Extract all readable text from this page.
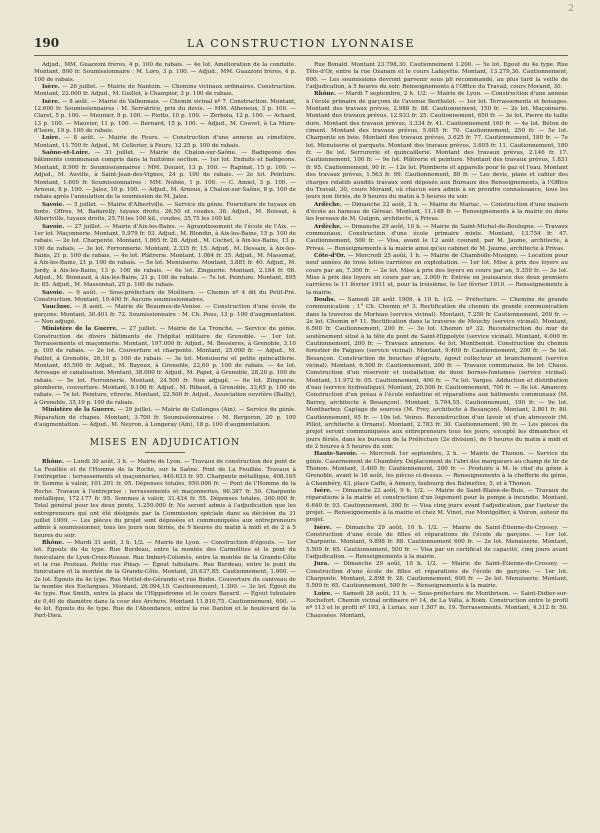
190	LA CONSTRUCTION LYONNAISE
2

Adjud., MM. Guazzoni frères, 4 p. 100 de rabais. — 4e lot. Amélioration de la conduite. Montant, 800 fr. Soumissionnaire : M. Loro, 3 p. 100. — Adjud., MM. Guazzoni frères, 4 p. 100 de rabais.

Isère. — 26 juillet. — Mairie de Nantoin. — Chemins vicinaux ordinaires. Construction. Montant, 22.000 fr. Adjud., M. Guillot, à Champier, 3 p. 100 de rabais.

Isère. — 8 août. — Mairie de Valbonnais. — Chemin vicinal nº 7. Construction. Montant, 12.600 fr. Soumissionnaires : M. Serratrice, prix du devis. — MM. Athenoux, 3 p. 100. — Claret, 5 p. 100. — Meunier, 8 p. 100. — Piotto, 10 p. 100. — Zerbola, 12 p. 100. — Achard, 13 p. 100. — Mauvier, 11 p. 100. — Bernard, 15 p. 100. — Adjud., M. Couvet, à La Mure-d'Isère, 19 p. 100 de rabais.

Loire. — 8 août. — Mairie de Feurs. — Construction d'une annexe au cimetière. Montant, 11.700 fr. Adjud., M. Cellerier, à Feurs, 12.25 p. 100 de rabais.

Saône-et-Loire. — 31 juillet. — Mairie de Chalon-sur-Saône. — Badigeone des bâtiments communaux compris dans la huitième section. — 1er lot. Enduits et badigeons. Montant, 8.900 fr. Soumissionnaires : MM. Douzet, 13 p. 100. — Rapinat, 15 p. 100. — Adjud., M. Auville, à Saint-Jean-des-Vignes, 24 p. 100 de rabais. — 2e lot. Peinture. Montant, 1.600 fr. Soumissionnaires : MM. Nobée, 1 p. 100. — C. Amiet, 3 p. 100. — Arnoux, 8 p. 100. — Jaloz, 10 p. 100. — Adjud., M. Arnoux, à Chalon-sur-Saône, 8 p. 100 de rabais après l'annulation de la soumission de M. Jaloz.

Savoie. — 5 juillet. — Mairie d'Albertville. — Service du génie. Fourniture de tuyaux en fonte. Offres, M. Badarelly, tuyaux droits, 26,50 et coudes, 36. Adjud., M. Boissat, à Albertville, tuyaux droits, 25,70 les 100 kil., coudes, 35,75 les 100 kil.

Savoie. — 27 juillet. — Mairie d'Aix-les-Bains. — Agrandissement de l'école de l'Aix. — 1er lot. Maçonnerie. Montant, 5.979 fr. 03. Adjud., M. Blondin, à Aix-les-Bains, 15 p. 100 de rabais. — 2e lot. Charpente. Montant, 1.865 fr. 28. Adjud., M. Cochet, à Aix-les-Bains, 13 p. 100 de rabais. — 3e lot. Ferronnerie. Montant, 2.335 fr. 15. Adjud., M. Dessaix, à Aix-les-Bains, 21 p. 100 de rabais. — 4e lot. Plâtrerie. Montant, 1.084 fr. 35. Adjud., M. Massonat, à Aix-les-Bains, 21 p. 100 de rabais. — 5e lot. Menuiserie. Montant, 3.881 fr. 40. Adjud., M. Jordy, à Aix-les-Bains, 13 p. 100 de rabais. — 6e lot. Zinguerie. Montant, 2.184 fr. 08. Adjud., M. Bonnaud, à Aix-les-Bains, 21 p. 100 de rabais. — 7e lot. Peinture. Montant, 895 fr. 85. Adjud., M. Massonnat, 25 p. 100 de rabais.

Savoie. — 9 août. — Sous-préfecture de Moûtiers. — Chemin nº 4 dit du Petit-Pré. Construction. Montant, 19.400 fr. Aucuns soumissionnaires.

Vaucluse. — 8 août. — Mairie de Beaumes-de-Venise. — Construction d'une école de garçons. Montant, 30.401 fr. 72. Soumissionnaire : M. Ch. Pous, 13 p. 100 d'augmentation. — Non adjugé.

Ministère de la Guerre. — 27 juillet. — Mairie de La Tronche. — Service du génie. Construction de divers bâtiments de l'hôpital militaire de Grenoble. — 1er lot. Terrassements et maçonnerie. Montant, 197.000 fr. Adjud., M. Bessieres, à Grenoble, 3,10 p. 100 de rabais. — 2e lot. Couverture et charpente. Montant, 25.000 fr. — Adjud., M. Paillet, à Grenoble, 26,10 p. 100 de rabais. — 3e lot. Menuiserie et petite quincaillerie. Montant, 45.500 fr. Adjud., M. Bayoux, à Grenoble, 22,60 p. 100 de rabais. — 4e lot. Arrosage et canalisation. Montant, 38.000 fr. Adjud., M. Papet, à Grenoble, 28,20 p. 100 de rabais. — 5e lot. Ferronnerie. Montant, 24.500 fr. Non adjugé. — 6e lot. Zinguerie, plomberie, couverture. Montant, 9.100 fr. Adjud., M. Ribaud, à Grenoble, 33,65 p. 100 de rabais. — 7e lot. Peinture, vitrerie. Montant, 22.500 fr. Adjud., Association ouvrière (Bailly), à Grenoble, 35,10 p. 100 de rabais.

Ministère de la Guerre. — 29 juillet. — Mairie de Collonges (Ain). — Service du génie. Réparation de chapes. Montant, 3.700 fr. Soumissionnaires : M. Bergeron, 20 p. 100 d'augmentation. — Adjud., M. Neyron, à Longeray (Ain), 18 p. 100 d'augmentation.

MISES EN ADJUDICATION

Rhône. — Lundi 30 août, 3 h. — Mairie de Lyon. — Travaux de construction des pont de La Feuillée et de l'Homme de la Roche, sur la Saône. Pont de La Feuillée. Travaux à l'entreprise : terrassements et maçonneries, 440.633 fr. 95. Charpente métallique, 408.165 fr. Somme à valoir, 101.201 fr. 05. Dépenses totales, 950.000 fr. — Pont de l'Homme de la Roche. Travaux à l'entreprise : terrassements et maçonneries, 96.387 fr. 50. Charpente métallique, 172.177 fr. 95. Sommes à valoir, 31.434 fr. 55. Dépenses totales, 300.000 fr. Total général pour les deux ponts, 1.250.000 fr. Ne seront admis à l'adjudication que les entrepreneurs qui ont été désignés par la Commission spéciale dans sa décision du 31 juillet 1909. — Les pièces du projet sont déposées et communiquées aux entrepreneurs admis à soumissionner, tous les jours non fériés, de 9 heures du matin à midi et de 2 à 5 heures du soir.

Rhône. — Mardi 31 août, 3 h. 1/2. — Mairie de Lyon. — Construction d'égouts. — 1er lot. Égouts du 4e type. Rue Burdeau, entre la montée des Carmélites et le pont du funiculaire de Lyon-Croix-Rousse. Rue Imbert-Colomès, entre la montée de la Grande-Côte et la rue Pouteau. Petite rue Pinay. — Égout tubulaire. Rue Burdeau, entre le pont du funiculaire et la montée de la Grande-Côte. Montant, 20.637,85. Cautionnement, 1.000. — 2e lot. Égouts du 4e type. Rue Mottet-de-Gérando et rue Bodin. Couverture du caniveau de la montée des Esclargues. Montant, 26.094,10. Cautionnement, 1.300. — 3e lot. Égout du 4e type. Rue Smith, entre la place de l'Hippodrome et le cours Bayard. — Égout tubulaire de 0,40 de diamètre dans la cour des Archers. Montant 11.810,75. Cautionnement, 600. — 4e lot. Égouts du 4e type. Rue de l'Abondance, entre la rue Danton et le boulevard de la Part-Dieu.

Rue Bonald. Montant 23.798,30. Cautionnement 1.200. — 5e lot. Égout du 4e type. Rue Tête-d'Or, entre la rue Ozanam et le cours Lafayette. Montant, 13.279,30. Cautionnement, 600. — Les soumissions devront parvenir sous pli recommandé, au plus tard la veille de l'adjudication, à 5 heures du soir. Renseignements à l'Office du Travail, cours Morand, 30.

Rhône. — Mardi 7 septembre, 2 h. 1/2. — Mairie de Lyon. — Construction d'une annexe à l'école primaire de garçons de l'avenue Berthelot. — 1er lot. Terrassements et boisages. Montant des travaux prévus, 2.988 fr. 88. Cautionnement, 150 fr. — 2e lot. Maçonnerie. Montant des travaux prévus, 12.933 fr. 25. Cautionnement, 650 fr. — 3e lot. Pierre de taille dure. Montant des travaux prévus, 3.334 fr. 41. Cautionnement 160 fr. — 4e lot. Béton de ciment. Montant des travaux prévus, 5.005 fr. 70. Cautionnement, 250 fr. — 5e lot. Charpente en bois. Montant des travaux prévus, 3.625 fr. 77. Cautionnement, 180 fr. — 7e lot. Menuiserie et parquets. Montant des travaux prévus, 3.605 fr. 11. Cautionnement, 180 fr. — 8e lot. Serrurerie et quincaillerie. Montant des travaux prévus, 2.146 fr. 17. Cautionnement, 100 fr. — 9e lot. Plâtrerie et peinture. Montant des travaux prévus, 1.831 fr. 95. Cautionnement, 90 fr. — 12e lot. Plomberie et appareils pour le gaz et l'eau. Montant des travaux prévus, 1.563 fr. 09. Cautionnement, 80 fr. — Les devis, plans et cahier des charges relatifs auxdits travaux sont déposés aux Bureaux des Renseignements, à l'Office du Travail, 30, cours Morand, où chacun sera admis à en prendre connaissance, tous les jours non fériés, de 9 heures du matin à 5 heures du soir.

Ardèche. — Dimanche 22 août, 2 h. — Mairie de Mariac. — Construction d'une maison d'école au hameau de Géreac. Montant, 11.148 fr. — Renseignements à la mairie ou dans les bureaux de M. Guigon, architecte, à Privas.

Ardèche. — Dimanche 29 août, 10 h. — Mairie de Saint-Michel-de-Boulogne. — Travaux communaux. Construction d'une école primaire mixte. Montant, 13.754 fr. 47. Cautionnement, 500 fr. — Visa, avant le 12 août courant, par M. Jaume, architecte, à Privas. — Renseignements à la mairie ainsi qu'au cabinet de M. Jaume, architecte à Privas.

Côte-d'Or. — Mercredi 25 août, 1 h. — Mairie de Chambolle-Musigny. — Location pour neuf années de trois loties carrières en exploitation. — 1er lot. Mise à prix des loyers au cours par an, 7.300 fr. — 2e lot. Mise à prix des loyers en cours par an, 5.350 fr. — 3e lot. Mise à prix des loyers en cours par an, 3.000 fr. Entrée en jouissance des deux premiers carrières le 11 février 1911 et, pour la troisième, le 1er février 1910. — Renseignements à la mairie.

Doubs. — Samedi 28 août 1909, à 10 h. 1/2. — Préfecture. — Chemins de grande communication : 1° Ch. Chemin nº 3. Rectification du chemin de grande communication dans la traverse de Morteau (service vicinal). Montant, 7.250 fr. Cautionnement, 200 fr. — 2e lot. Chemin nº 11. Rectification dans la traverse de Mouchy (service vicinal). Montant, 6.500 fr. Cautionnement, 200 fr. — 3e lot. Chemin nº 32. Reconstruction du mur de soutènement situé à la tête du pont de Saint-Hippolyte (service vicinal). Montant, 4.000 fr. Cautionnement, 200 fr. — Travaux annexes. 4e lot. Montbenoit. Construction du chemin forestier de Falgues (service vicinal). Montant, 9.400 fr. Cautionnement, 200 fr. — 5e lot. Besançon. Construction de bouches d'égouts, égout collecteur et branchement (service vicinal). Montant, 6.500 fr. Cautionnement, 200 fr. — Travaux communaux. 6e lot. Chaux. Construction d'un réservoir et installation de deux bornes-fontaines (service vicinal). Montant, 11.972 fr. 05. Cautionnement, 400 fr. — 7e lot. Varges. Adduction et distribution d'eau (service hydraulique). Montant, 20.500 fr. Cautionnement, 700 fr. — 8e lot. Amancey. Construction d'un préau à l'école enfantine et réparations aux bâtiments communaux (M. Barrey, architecte à Besançon). Montant, 5.704,55. Cautionnement, 190 fr. — 9e lot. Montbarbey. Captage de sources (M. Frey, architecte à Besançon). Montant, 2.801 fr. 80. Cautionnement, 95 fr. — 10e lot. Voires. Reconstruction d'un lavoir et d'un abreuvoir (M. Pillot, architecte à Ornans). Montant, 2.783 fr. 30. Cautionnement, 90 fr. — Les pièces du projet seront communiquées aux entrepreneurs tous les jours, excepté les dimanches et jours fériés, dans les bureaux de la Préfecture (2e division), de 9 heures du matin à midi et de 2 heures à 5 heures du soir.

Haute-Savoie. — Mercredi 1er septembre, 2 h. — Mairie de Thonon. — Service du génie. Casernement de Chambéry. Déplacement de l'abri des marqueurs au champ de tir de Thonon. Montant, 3.400 fr. Cautionnement, 200 fr. — Produire à M. le chef du génie à Grenoble, avant le 16 août, les pièces ci-dessus. — Renseignements à la chefferie du génie, à Chambéry, 43, place Caffe, à Annecy, faubourg des Balmettes, 5, et à Thonon.

Isère. — Dimanche 22 août, 9 h. 1/2. — Mairie de Saint-Blaise-de-Buis. — Travaux de réparations à la mairie et construction d'un logement pour la pompe à incendie. Montant, 6.640 fr. 93. Cautionnement, 300 fr. — Visa cinq jours avant l'adjudication, par l'auteur du projet. — Renseignements à la mairie et chez M. Vinot, rue Montgolfier, à Voiron, auteur du projet.

Isère. — Dimanche 29 août, 10 h. 1/2. — Mairie de Saint-Étienne-de-Crossey. — Construction d'une école de filles et réparations de l'école de garçons. — 1er lot. Charpente. Montant, 9.898 fr. 88. Cautionnement 600 fr. — 2e lot. Menuiserie. Montant, 5.509 fr. 65. Cautionnement, 500 fr. — Visa par un certificat de capacité, cinq jours avant l'adjudication. — Renseignements à la mairie.

Jura. — Dimanche 29 août, 10 h. 1/2. — Mairie de Saint-Étienne-de-Crossey. — Construction d'une école de filles et réparations de l'école de garçons. — 1er lot. Charpente. Montant, 2.898 fr. 28. Cautionnement, 600 fr. — 2e lot. Menuiserie. Montant, 5.509 fr. 65. Cautionnement, 500 fr. — Renseignements à la mairie.

Loire. — Samedi 28 août, 11 h. — Sous-préfecture de Montbrison. — Saint-Didier-sur-Rochefort. Chemin vicinal ordinaire nº 14, de La Valla, à Boën. Construction entre le profil nº 113 et le profil nº 193, à Lurias, sur 1.507 m. 19. Terrassements. Montant, 4.312 fr. 50. Chaussées. Montant,
